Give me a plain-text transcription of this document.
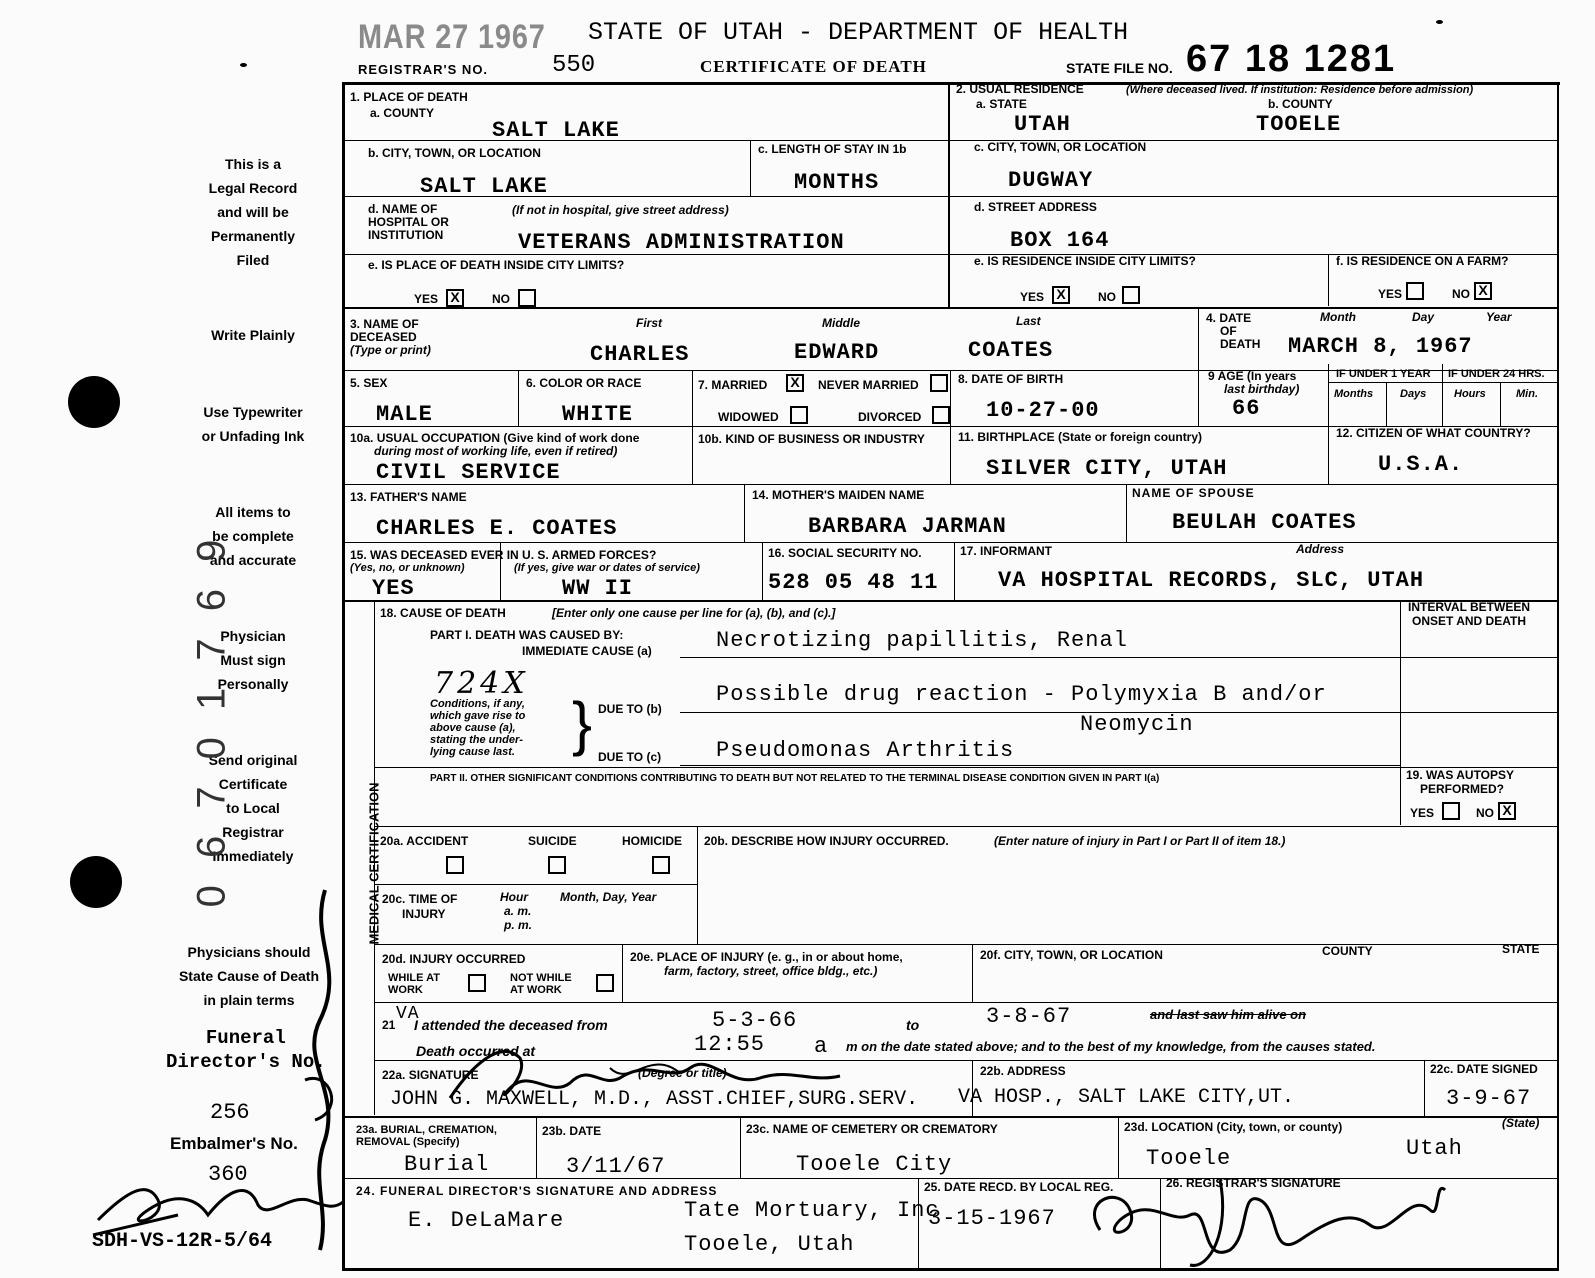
MAR 27 1967 STATE OF UTAH - DEPARTMENT OF HEALTH
REGISTRAR'S NO.	550	CERTIFICATE OF DEATH	STATE FILE NO. 67 18 1281
This is a
Legal Record
and will be
Permanently
Filed
Write Plainly
Use Typewriter
or Unfading Ink
All items to
be complete
and accurate
Physician
Must sign
Personally
Send original
Certificate
to Local
Registrar
Immediately
Physicians should
State Cause of Death
in plain terms
0 6 7 0 1 7 6 9
Funeral
Director's No.
256
Embalmer's No.
360
SDH-VS-12R-5/64
1. PLACE OF DEATH
a. COUNTY
SALT LAKE
b. CITY, TOWN, OR LOCATION
SALT LAKE
c. LENGTH OF STAY IN 1b
MONTHS
d. NAME OF
HOSPITAL OR
INSTITUTION
(If not in hospital, give street address)
VETERANS ADMINISTRATION
e. IS PLACE OF DEATH INSIDE CITY LIMITS?
YES X	NO
2. USUAL RESIDENCE	(Where deceased lived. If institution: Residence before admission)
a. STATE
UTAH
b. COUNTY
TOOELE
c. CITY, TOWN, OR LOCATION
DUGWAY
d. STREET ADDRESS
BOX 164
e. IS RESIDENCE INSIDE CITY LIMITS?
YES X	NO
f. IS RESIDENCE ON A FARM?
YES	NO X
3. NAME OF
DECEASED
(Type or print)
First	Middle	Last
CHARLES	EDWARD	COATES
4. DATE
OF
DEATH
Month	Day	Year
MARCH 8, 1967
5. SEX
MALE
6. COLOR OR RACE
WHITE
7. MARRIED	X	NEVER MARRIED
WIDOWED	DIVORCED
8. DATE OF BIRTH
10-27-00
9 AGE (In years
last birthday)
66
IF UNDER 1 YEAR IF UNDER 24 HRS.
Months Days	Hours	Min.
10a. USUAL OCCUPATION (Give kind of work done
during most of working life, even if retired)
CIVIL SERVICE
10b. KIND OF BUSINESS OR INDUSTRY	11. BIRTHPLACE (State or foreign country)
SILVER CITY, UTAH
12. CITIZEN OF WHAT COUNTRY?
U.S.A.
13. FATHER'S NAME
CHARLES E. COATES
14. MOTHER'S MAIDEN NAME
BARBARA JARMAN
NAME OF SPOUSE
BEULAH COATES
15. WAS DECEASED EVER IN U. S. ARMED FORCES?
(Yes, no, or unknown)	(If yes, give war or dates of service)
YES	WW II
16. SOCIAL SECURITY NO.
528 05 48 11
17. INFORMANT	Address
VA HOSPITAL RECORDS, SLC, UTAH
MEDICAL CERTIFICATION
18. CAUSE OF DEATH	[Enter only one cause per line for (a), (b), and (c).]
PART I. DEATH WAS CAUSED BY:
IMMEDIATE CAUSE (a)	Necrotizing papillitis, Renal
724X
Conditions, if any,
which gave rise to
above cause (a),
stating the under-
lying cause last. } DUE TO (b)
Possible drug reaction - Polymyxia B and/or
Neomycin
DUE TO (c) Pseudomonas Arthritis
INTERVAL BETWEEN
ONSET AND DEATH
PART II. OTHER SIGNIFICANT CONDITIONS CONTRIBUTING TO DEATH BUT NOT RELATED TO THE TERMINAL DISEASE CONDITION GIVEN IN PART I(a)	19. WAS AUTOPSY
PERFORMED?
YES	NO X
20a. ACCIDENT	SUICIDE	HOMICIDE 20b. DESCRIBE HOW INJURY OCCURRED.	(Enter nature of injury in Part I or Part II of item 18.)
20c. TIME OF
INJURY
Hour
a. m.
p. m.
Month, Day, Year
20d. INJURY OCCURRED
WHILE AT
WORK
NOT WHILE
AT WORK
20e. PLACE OF INJURY (e. g., in or about home,
farm, factory, street, office bldg., etc.)
20f. CITY, TOWN, OR LOCATION	COUNTY	STATE
21
VA
I attended the deceased from	5-3-66	to	3-8-67	and last saw him alive on
Death occurred at	12:55 a m on the date stated above; and to the best of my knowledge, from the causes stated.
22a. SIGNATURE	(Degree or title)
JOHN G. MAXWELL, M.D., ASST.CHIEF,SURG.SERV.
22b. ADDRESS
VA HOSP., SALT LAKE CITY,UT.
22c. DATE SIGNED
3-9-67
23a. BURIAL, CREMATION,
REMOVAL (Specify)
Burial
23b. DATE
3/11/67
23c. NAME OF CEMETERY OR CREMATORY
Tooele City
23d. LOCATION (City, town, or county)	(State)
Tooele	Utah
24. FUNERAL DIRECTOR'S SIGNATURE AND ADDRESS
E. DeLaMare	Tate Mortuary, Inc
Tooele, Utah
25. DATE RECD. BY LOCAL REG.
3-15-1967
26. REGISTRAR'S SIGNATURE
